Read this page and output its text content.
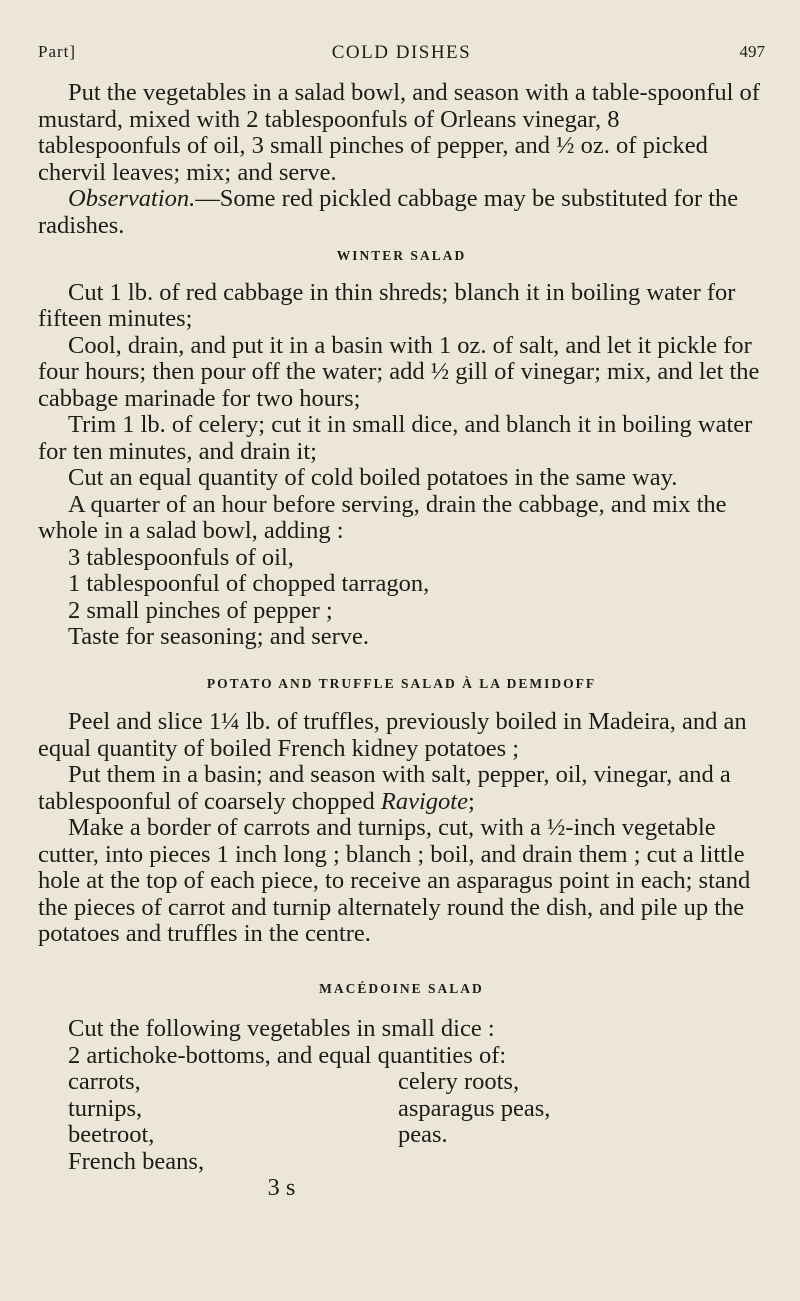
Part]	COLD DISHES	497

Put the vegetables in a salad bowl, and season with a table-spoonful of mustard, mixed with 2 tablespoonfuls of Orleans vinegar, 8 tablespoonfuls of oil, 3 small pinches of pepper, and ½ oz. of picked chervil leaves; mix; and serve.

Observation.—Some red pickled cabbage may be substituted for the radishes.

WINTER SALAD

Cut 1 lb. of red cabbage in thin shreds; blanch it in boiling water for fifteen minutes;

Cool, drain, and put it in a basin with 1 oz. of salt, and let it pickle for four hours; then pour off the water; add ½ gill of vinegar; mix, and let the cabbage marinade for two hours;

Trim 1 lb. of celery; cut it in small dice, and blanch it in boiling water for ten minutes, and drain it;

Cut an equal quantity of cold boiled potatoes in the same way.

A quarter of an hour before serving, drain the cabbage, and mix the whole in a salad bowl, adding :

3 tablespoonfuls of oil,

1 tablespoonful of chopped tarragon,

2 small pinches of pepper ;

Taste for seasoning; and serve.

POTATO AND TRUFFLE SALAD À LA DEMIDOFF

Peel and slice 1¼ lb. of truffles, previously boiled in Madeira, and an equal quantity of boiled French kidney potatoes ;

Put them in a basin; and season with salt, pepper, oil, vinegar, and a tablespoonful of coarsely chopped Ravigote;

Make a border of carrots and turnips, cut, with a ½-inch vegetable cutter, into pieces 1 inch long ; blanch ; boil, and drain them ; cut a little hole at the top of each piece, to receive an asparagus point in each; stand the pieces of carrot and turnip alternately round the dish, and pile up the potatoes and truffles in the centre.

MACÉDOINE SALAD

Cut the following vegetables in small dice :

2 artichoke-bottoms, and equal quantities of:

carrots,

turnips,

beetroot,

French beans,

celery roots,

asparagus peas,

peas.

3 s
